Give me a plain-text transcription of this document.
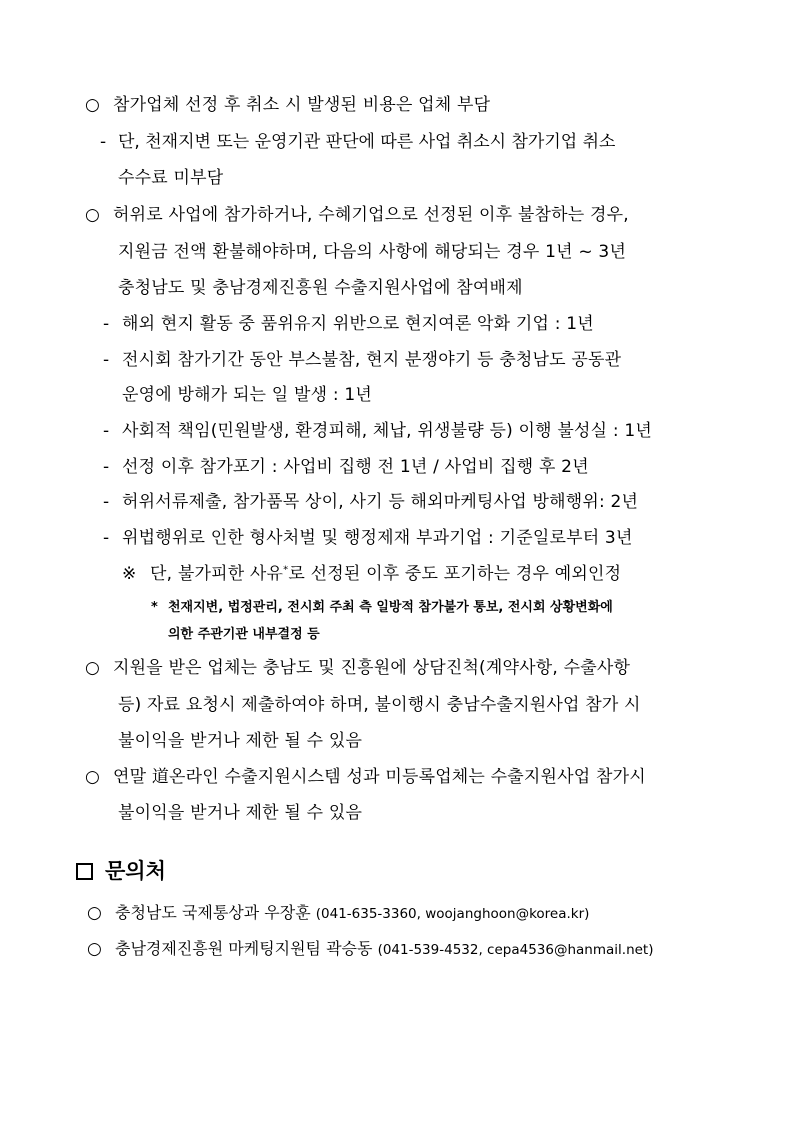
○ 참가업체 선정 후 취소 시 발생된 비용은 업체 부담
- 단, 천재지변 또는 운영기관 판단에 따른 사업 취소시 참가기업 취소
수수료 미부담
○ 허위로 사업에 참가하거나, 수혜기업으로 선정된 이후 불참하는 경우,
지원금 전액 환불해야하며, 다음의 사항에 해당되는 경우 1년 ~ 3년
충청남도 및 충남경제진흥원 수출지원사업에 참여배제
- 해외 현지 활동 중 품위유지 위반으로 현지여론 악화 기업 : 1년
- 전시회 참가기간 동안 부스불참, 현지 분쟁야기 등 충청남도 공동관
운영에 방해가 되는 일 발생 : 1년
- 사회적 책임(민원발생, 환경피해, 체납, 위생불량 등) 이행 불성실 : 1년
- 선정 이후 참가포기 : 사업비 집행 전 1년 / 사업비 집행 후 2년
- 허위서류제출, 참가품목 상이, 사기 등 해외마케팅사업 방해행위: 2년
- 위법행위로 인한 형사처벌 및 행정제재 부과기업 : 기준일로부터 3년
※ 단, 불가피한 사유*로 선정된 이후 중도 포기하는 경우 예외인정
* 천재지변, 법정관리, 전시회 주최 측 일방적 참가불가 통보, 전시회 상황변화에
의한 주관기관 내부결정 등
○ 지원을 받은 업체는 충남도 및 진흥원에 상담진척(계약사항, 수출사항
등) 자료 요청시 제출하여야 하며, 불이행시 충남수출지원사업 참가 시
불이익을 받거나 제한 될 수 있음
○ 연말 道온라인 수출지원시스템 성과 미등록업체는 수출지원사업 참가시
불이익을 받거나 제한 될 수 있음
문의처
○ 충청남도 국제통상과 우장훈 (041-635-3360, woojanghoon@korea.kr)
○ 충남경제진흥원 마케팅지원팀 곽승동 (041-539-4532, cepa4536@hanmail.net)
